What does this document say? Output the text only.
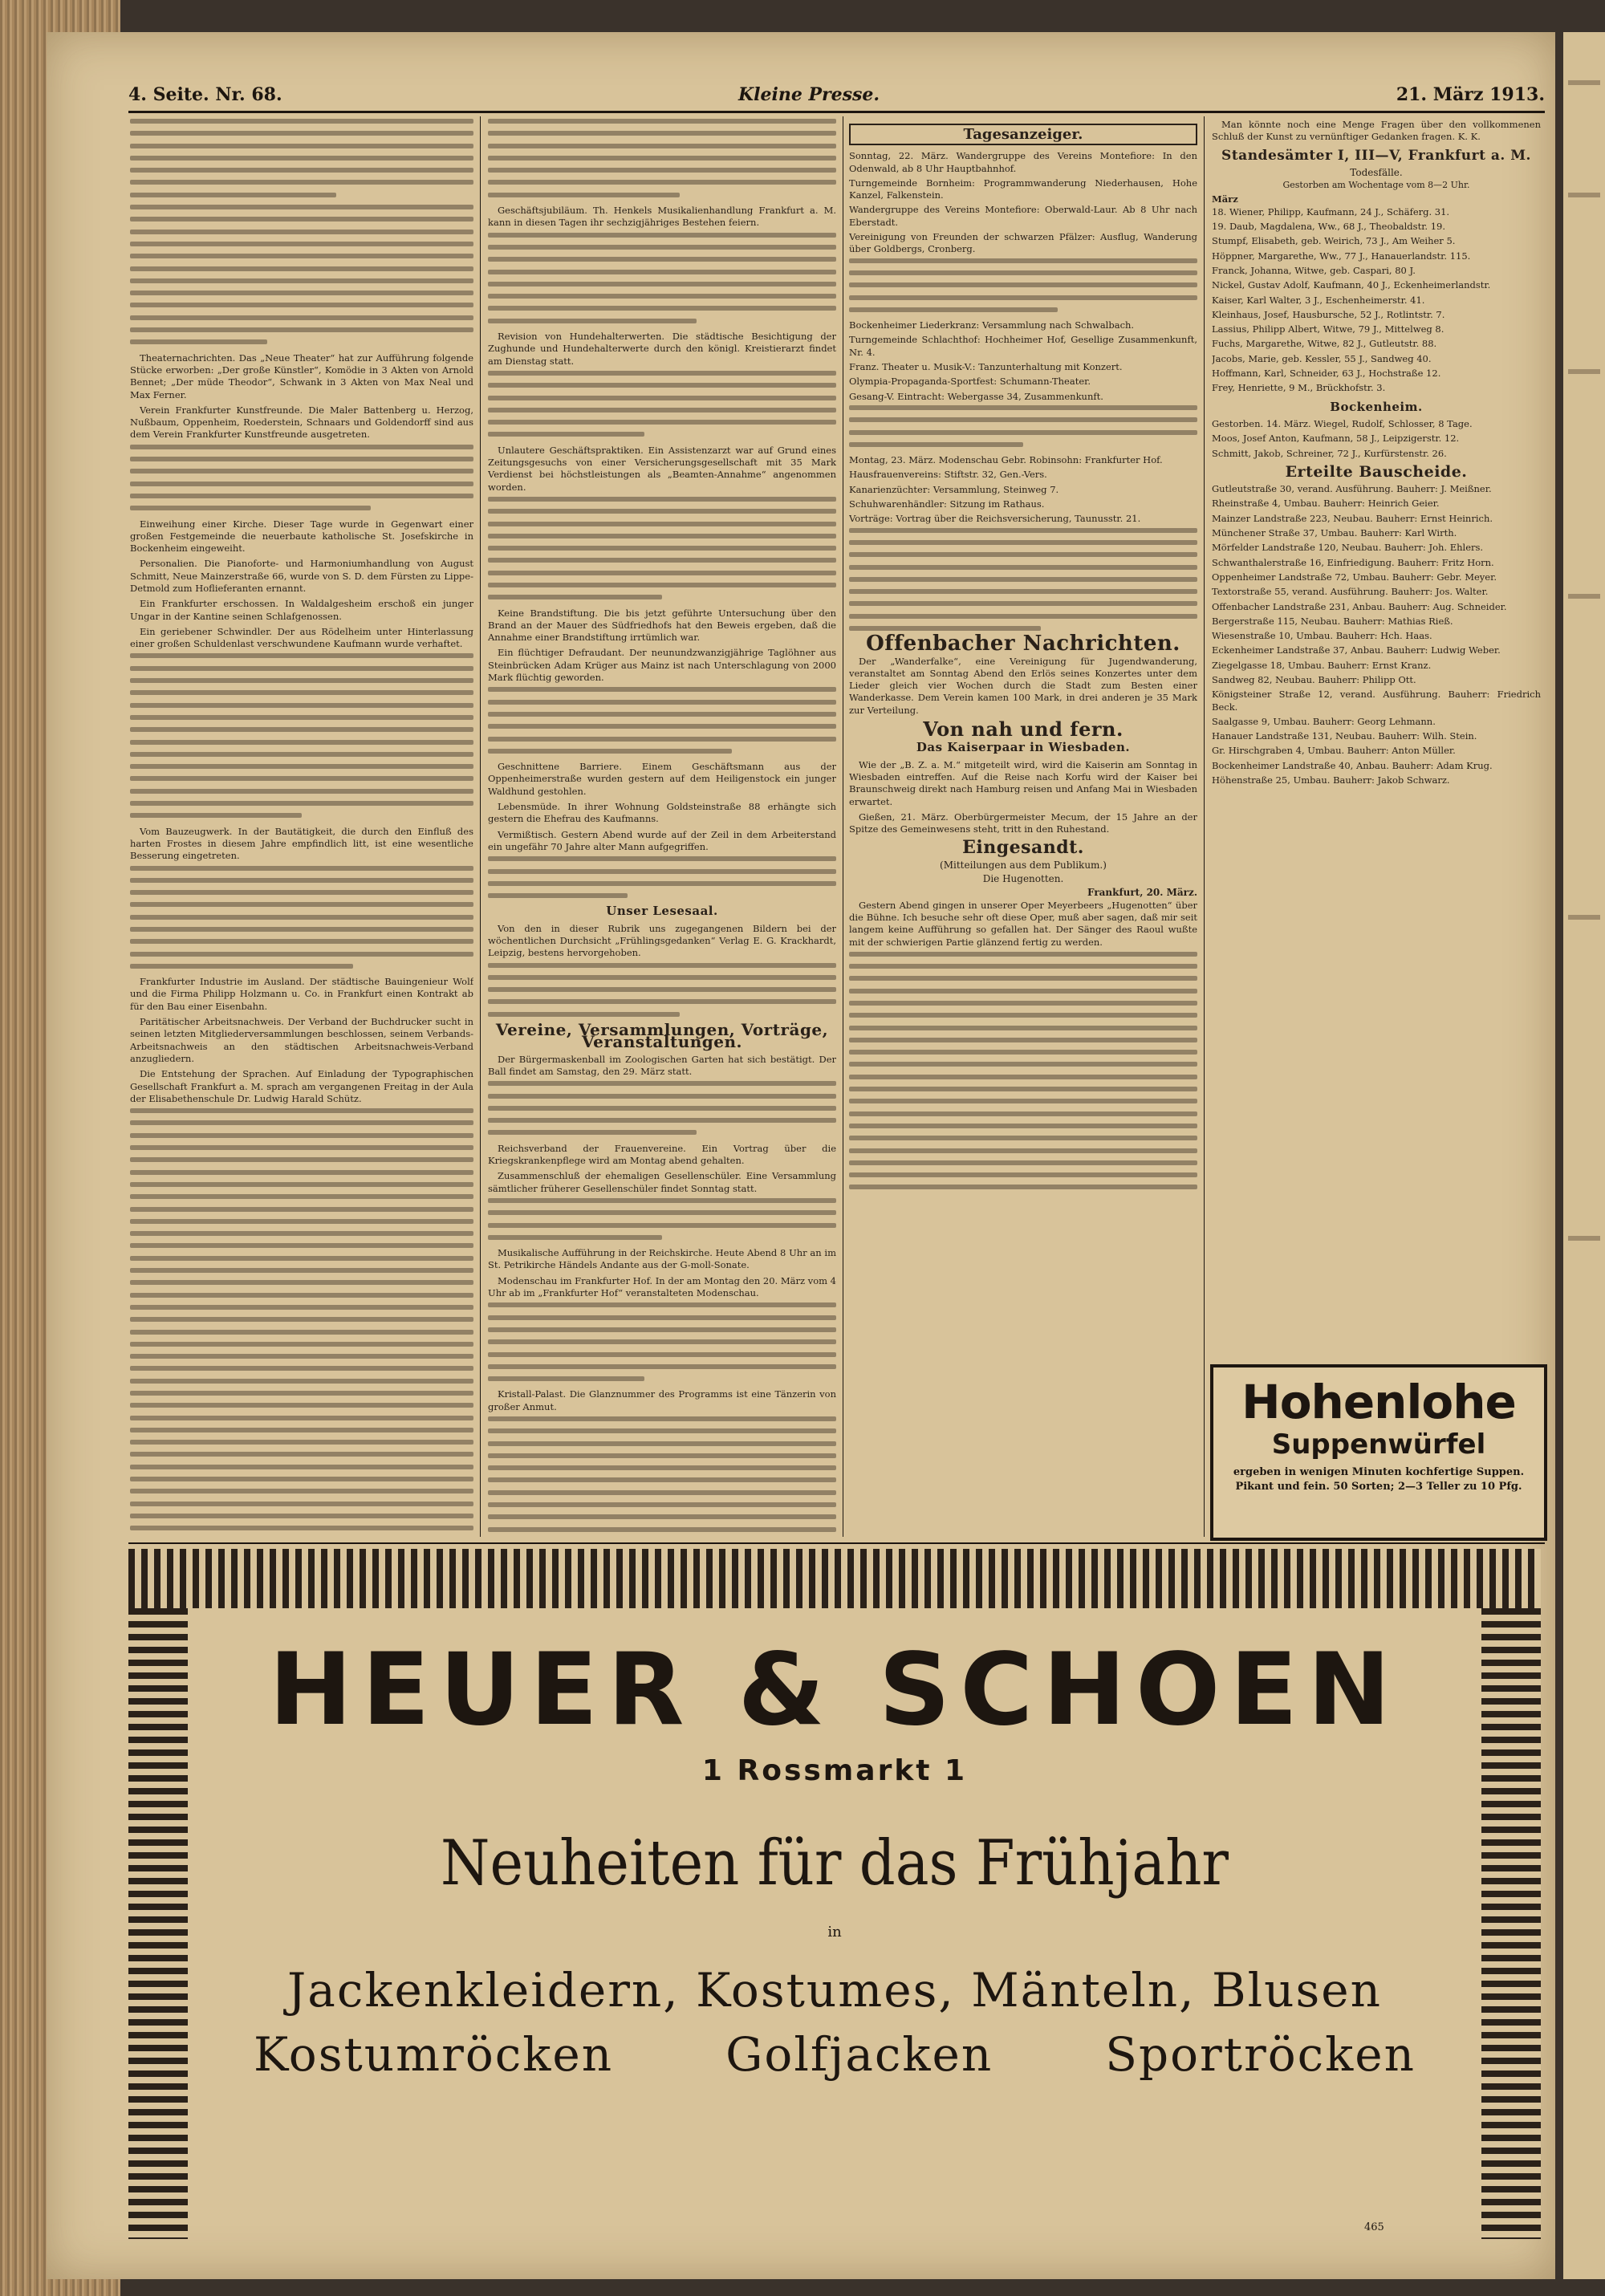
4. Seite. Nr. 68.	Kleine Presse.	21. März 1913.

Theaternachrichten. Das „Neue Theater“ hat zur Aufführung folgende Stücke erworben: „Der große Künstler“, Komödie in 3 Akten von Arnold Bennet; „Der müde Theodor“, Schwank in 3 Akten von Max Neal und Max Ferner.

Verein Frankfurter Kunstfreunde. Die Maler Battenberg u. Herzog, Nußbaum, Oppenheim, Roederstein, Schnaars und Goldendorff sind aus dem Verein Frankfurter Kunstfreunde ausgetreten.

Einweihung einer Kirche. Dieser Tage wurde in Gegenwart einer großen Festgemeinde die neuerbaute katholische St. Josefskirche in Bockenheim eingeweiht.

Personalien. Die Pianoforte- und Harmoniumhandlung von August Schmitt, Neue Mainzerstraße 66, wurde von S. D. dem Fürsten zu Lippe-Detmold zum Hoflieferanten ernannt.

Ein Frankfurter erschossen. In Waldalgesheim erschoß ein junger Ungar in der Kantine seinen Schlafgenossen.

Ein geriebener Schwindler. Der aus Rödelheim unter Hinterlassung einer großen Schuldenlast verschwundene Kaufmann wurde verhaftet.

Vom Bauzeugwerk. In der Bautätigkeit, die durch den Einfluß des harten Frostes in diesem Jahre empfindlich litt, ist eine wesentliche Besserung eingetreten.

Frankfurter Industrie im Ausland. Der städtische Bauingenieur Wolf und die Firma Philipp Holzmann u. Co. in Frankfurt einen Kontrakt ab für den Bau einer Eisenbahn.

Paritätischer Arbeitsnachweis. Der Verband der Buchdrucker sucht in seinen letzten Mitgliederversammlungen beschlossen, seinem Verbands-Arbeitsnachweis an den städtischen Arbeitsnachweis-Verband anzugliedern.

Die Entstehung der Sprachen. Auf Einladung der Typographischen Gesellschaft Frankfurt a. M. sprach am vergangenen Freitag in der Aula der Elisabethenschule Dr. Ludwig Harald Schütz.

Geschäftsjubiläum. Th. Henkels Musikalienhandlung Frankfurt a. M. kann in diesen Tagen ihr sechzigjähriges Bestehen feiern.

Revision von Hundehalterwerten. Die städtische Besichtigung der Zughunde und Hundehalterwerte durch den königl. Kreistierarzt findet am Dienstag statt.

Unlautere Geschäftspraktiken. Ein Assistenzarzt war auf Grund eines Zeitungsgesuchs von einer Versicherungsgesellschaft mit 35 Mark Verdienst bei höchstleistungen als „Beamten-Annahme“ angenommen worden.

Keine Brandstiftung. Die bis jetzt geführte Untersuchung über den Brand an der Mauer des Südfriedhofs hat den Beweis ergeben, daß die Annahme einer Brandstiftung irrtümlich war.

Ein flüchtiger Defraudant. Der neunundzwanzigjährige Taglöhner aus Steinbrücken Adam Krüger aus Mainz ist nach Unterschlagung von 2000 Mark flüchtig geworden.

Geschnittene Barriere. Einem Geschäftsmann aus der Oppenheimerstraße wurden gestern auf dem Heiligenstock ein junger Waldhund gestohlen.

Lebensmüde. In ihrer Wohnung Goldsteinstraße 88 erhängte sich gestern die Ehefrau des Kaufmanns.

Vermißtisch. Gestern Abend wurde auf der Zeil in dem Arbeiterstand ein ungefähr 70 Jahre alter Mann aufgegriffen.

Unser Lesesaal.

Von den in dieser Rubrik uns zugegangenen Bildern bei der wöchentlichen Durchsicht „Frühlingsgedanken“ Verlag E. G. Krackhardt, Leipzig, bestens hervorgehoben.

Vereine, Versammlungen, Vorträge, Veranstaltungen.

Der Bürgermaskenball im Zoologischen Garten hat sich bestätigt. Der Ball findet am Samstag, den 29. März statt.

Reichsverband der Frauenvereine. Ein Vortrag über die Kriegskrankenpflege wird am Montag abend gehalten.

Zusammenschluß der ehemaligen Gesellenschüler. Eine Versammlung sämtlicher früherer Gesellenschüler findet Sonntag statt.

Musikalische Aufführung in der Reichskirche. Heute Abend 8 Uhr an im St. Petrikirche Händels Andante aus der G-moll-Sonate.

Modenschau im Frankfurter Hof. In der am Montag den 20. März vom 4 Uhr ab im „Frankfurter Hof“ veranstalteten Modenschau.

Kristall-Palast. Die Glanznummer des Programms ist eine Tänzerin von großer Anmut.

Tagesanzeiger.
Sonntag, 22. März. Wandergruppe des Vereins Montefiore: In den Odenwald, ab 8 Uhr Hauptbahnhof.
Turngemeinde Bornheim: Programmwanderung Niederhausen, Hohe Kanzel, Falkenstein.
Wandergruppe des Vereins Montefiore: Oberwald-Laur. Ab 8 Uhr nach Eberstadt.
Vereinigung von Freunden der schwarzen Pfälzer: Ausflug, Wanderung über Goldbergs, Cronberg.
Bockenheimer Liederkranz: Versammlung nach Schwalbach.
Turngemeinde Schlachthof: Hochheimer Hof, Gesellige Zusammenkunft, Nr. 4.
Franz. Theater u. Musik-V.: Tanzunterhaltung mit Konzert.
Olympia-Propaganda-Sportfest: Schumann-Theater.
Gesang-V. Eintracht: Webergasse 34, Zusammenkunft.
Montag, 23. März. Modenschau Gebr. Robinsohn: Frankfurter Hof.
Hausfrauenvereins: Stiftstr. 32, Gen.-Vers.
Kanarienzüchter: Versammlung, Steinweg 7.
Schuhwarenhändler: Sitzung im Rathaus.
Vorträge: Vortrag über die Reichsversicherung, Taunusstr. 21.
Offenbacher Nachrichten.

Der „Wanderfalke“, eine Vereinigung für Jugendwanderung, veranstaltet am Sonntag Abend den Erlös seines Konzertes unter dem Lieder gleich vier Wochen durch die Stadt zum Besten einer Wanderkasse. Dem Verein kamen 100 Mark, in drei anderen je 35 Mark zur Verteilung.

Von nah und fern.
Das Kaiserpaar in Wiesbaden.

Wie der „B. Z. a. M.“ mitgeteilt wird, wird die Kaiserin am Sonntag in Wiesbaden eintreffen. Auf die Reise nach Korfu wird der Kaiser bei Braunschweig direkt nach Hamburg reisen und Anfang Mai in Wiesbaden erwartet.

Gießen, 21. März. Oberbürgermeister Mecum, der 15 Jahre an der Spitze des Gemeinwesens steht, tritt in den Ruhestand.

Eingesandt.
(Mitteilungen aus dem Publikum.)
Die Hugenotten.
Frankfurt, 20. März.

Gestern Abend gingen in unserer Oper Meyerbeers „Hugenotten“ über die Bühne. Ich besuche sehr oft diese Oper, muß aber sagen, daß mir seit langem keine Aufführung so gefallen hat. Der Sänger des Raoul wußte mit der schwierigen Partie glänzend fertig zu werden.

Man könnte noch eine Menge Fragen über den vollkommenen Schluß der Kunst zu vernünftiger Gedanken fragen. K. K.

Standesämter I, III—V, Frankfurt a. M.
Todesfälle.
Gestorben am Wochentage vom 8—2 Uhr.
März
18. Wiener, Philipp, Kaufmann, 24 J., Schäferg. 31.
19. Daub, Magdalena, Ww., 68 J., Theobaldstr. 19.
Stumpf, Elisabeth, geb. Weirich, 73 J., Am Weiher 5.
Höppner, Margarethe, Ww., 77 J., Hanauerlandstr. 115.
Franck, Johanna, Witwe, geb. Caspari, 80 J.
Nickel, Gustav Adolf, Kaufmann, 40 J., Eckenheimerlandstr.
Kaiser, Karl Walter, 3 J., Eschenheimerstr. 41.
Kleinhaus, Josef, Hausbursche, 52 J., Rotlintstr. 7.
Lassius, Philipp Albert, Witwe, 79 J., Mittelweg 8.
Fuchs, Margarethe, Witwe, 82 J., Gutleutstr. 88.
Jacobs, Marie, geb. Kessler, 55 J., Sandweg 40.
Hoffmann, Karl, Schneider, 63 J., Hochstraße 12.
Frey, Henriette, 9 M., Brückhofstr. 3.
Bockenheim.
Gestorben. 14. März. Wiegel, Rudolf, Schlosser, 8 Tage.
Moos, Josef Anton, Kaufmann, 58 J., Leipzigerstr. 12.
Schmitt, Jakob, Schreiner, 72 J., Kurfürstenstr. 26.
Erteilte Bauscheide.
Gutleutstraße 30, verand. Ausführung. Bauherr: J. Meißner.
Rheinstraße 4, Umbau. Bauherr: Heinrich Geier.
Mainzer Landstraße 223, Neubau. Bauherr: Ernst Heinrich.
Münchener Straße 37, Umbau. Bauherr: Karl Wirth.
Mörfelder Landstraße 120, Neubau. Bauherr: Joh. Ehlers.
Schwanthalerstraße 16, Einfriedigung. Bauherr: Fritz Horn.
Oppenheimer Landstraße 72, Umbau. Bauherr: Gebr. Meyer.
Textorstraße 55, verand. Ausführung. Bauherr: Jos. Walter.
Offenbacher Landstraße 231, Anbau. Bauherr: Aug. Schneider.
Bergerstraße 115, Neubau. Bauherr: Mathias Rieß.
Wiesenstraße 10, Umbau. Bauherr: Hch. Haas.
Eckenheimer Landstraße 37, Anbau. Bauherr: Ludwig Weber.
Ziegelgasse 18, Umbau. Bauherr: Ernst Kranz.
Sandweg 82, Neubau. Bauherr: Philipp Ott.
Königsteiner Straße 12, verand. Ausführung. Bauherr: Friedrich Beck.
Saalgasse 9, Umbau. Bauherr: Georg Lehmann.
Hanauer Landstraße 131, Neubau. Bauherr: Wilh. Stein.
Gr. Hirschgraben 4, Umbau. Bauherr: Anton Müller.
Bockenheimer Landstraße 40, Anbau. Bauherr: Adam Krug.
Höhenstraße 25, Umbau. Bauherr: Jakob Schwarz.
Hohenlohe
Suppenwürfel
ergeben in wenigen Minuten kochfertige Suppen. Pikant und fein. 50 Sorten; 2—3 Teller zu 10 Pfg.
HEUER & SCHOEN
1 Rossmarkt 1
Neuheiten für das Frühjahr
in
Jackenkleidern, Kostumes, Mänteln, Blusen
Kostumröcken Golfjacken Sportröcken
465
